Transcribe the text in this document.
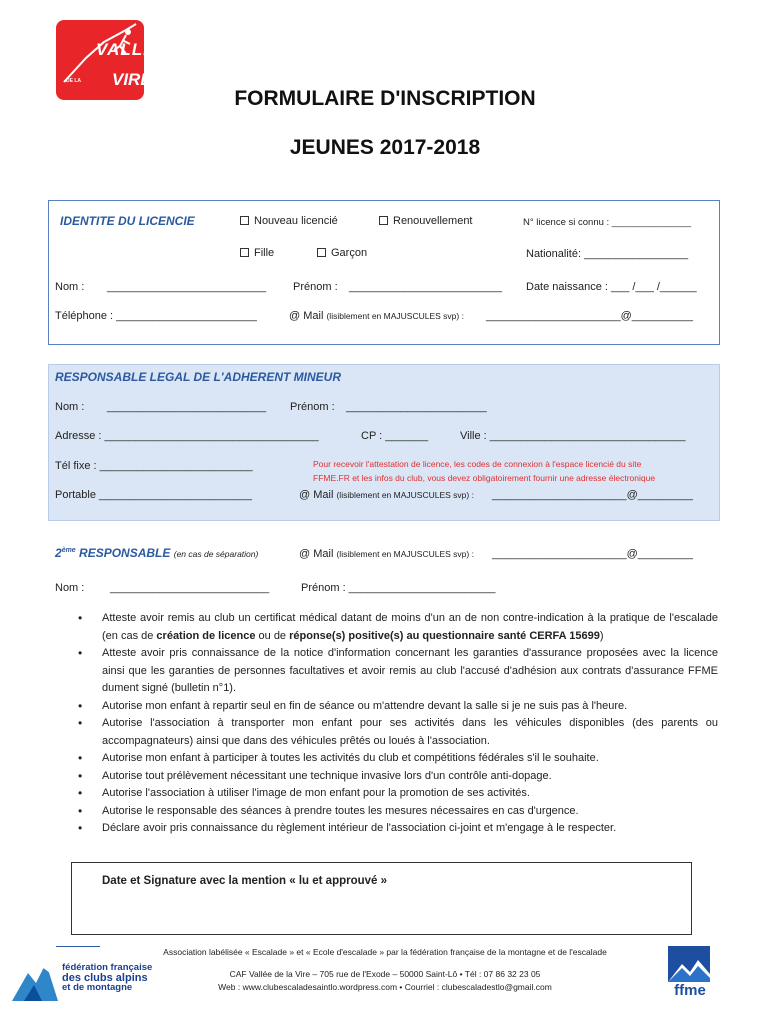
VALLÉE
DE LA VIRE
FORMULAIRE D'INSCRIPTION
JEUNES 2017-2018
IDENTITE DU LICENCIE	Nouveau licencié	Renouvellement	N° licence si connu : _______________
Fille	Garçon	Nationalité: _________________
Nom : __________________________ Prénom : _________________________ Date naissance : ___ /___ /______
Téléphone : _______________________	@ Mail (lisiblement en MAJUSCULES svp) : ______________________@__________
RESPONSABLE LEGAL DE L'ADHERENT MINEUR
Nom : __________________________ Prénom : _______________________
Adresse : ___________________________________	CP : _______	Ville : ________________________________
Tél fixe : _________________________	Pour recevoir l'attestation de licence, les codes de connexion à l'espace licencié du site
FFME.FR et les infos du club, vous devez obligatoirement fournir une adresse électronique
Portable _________________________	@ Mail (lisiblement en MAJUSCULES svp) : ______________________@_________
2ème RESPONSABLE (en cas de séparation)	@ Mail (lisiblement en MAJUSCULES svp) : ______________________@_________
Nom : __________________________	Prénom : ________________________
• Atteste avoir remis au club un certificat médical datant de moins d'un an de non contre-indication à la pratique de l'escalade (en cas de création de licence ou de réponse(s) positive(s) au questionnaire santé CERFA 15699)
• Atteste avoir pris connaissance de la notice d'information concernant les garanties d'assurance proposées avec la licence ainsi que les garanties de personnes facultatives et avoir remis au club l'accusé d'adhésion aux contrats d'assurance FFME dument signé (bulletin n°1).
• Autorise mon enfant à repartir seul en fin de séance ou m'attendre devant la salle si je ne suis pas à l'heure.
• Autorise l'association à transporter mon enfant pour ses activités dans les véhicules disponibles (des parents ou accompagnateurs) ainsi que dans des véhicules prêtés ou loués à l'association.
• Autorise mon enfant à participer à toutes les activités du club et compétitions fédérales s'il le souhaite.
• Autorise tout prélèvement nécessitant une technique invasive lors d'un contrôle anti-dopage.
• Autorise l'association à utiliser l'image de mon enfant pour la promotion de ses activités.
• Autorise le responsable des séances à prendre toutes les mesures nécessaires en cas d'urgence.
• Déclare avoir pris connaissance du règlement intérieur de l'association ci-joint et m'engage à le respecter.
Date et Signature avec la mention « lu et approuvé »
Association labélisée « Escalade » et « Ecole d'escalade » par la fédération française de la montagne et de l'escalade
CAF Vallée de la Vire – 705 rue de l'Exode – 50000 Saint-Lô • Tél : 07 86 32 23 05
Web : www.clubescaladesaintlo.wordpress.com • Courriel : clubescaladestlo@gmail.com
fédération française
des clubs alpins
et de montagne	ffme
